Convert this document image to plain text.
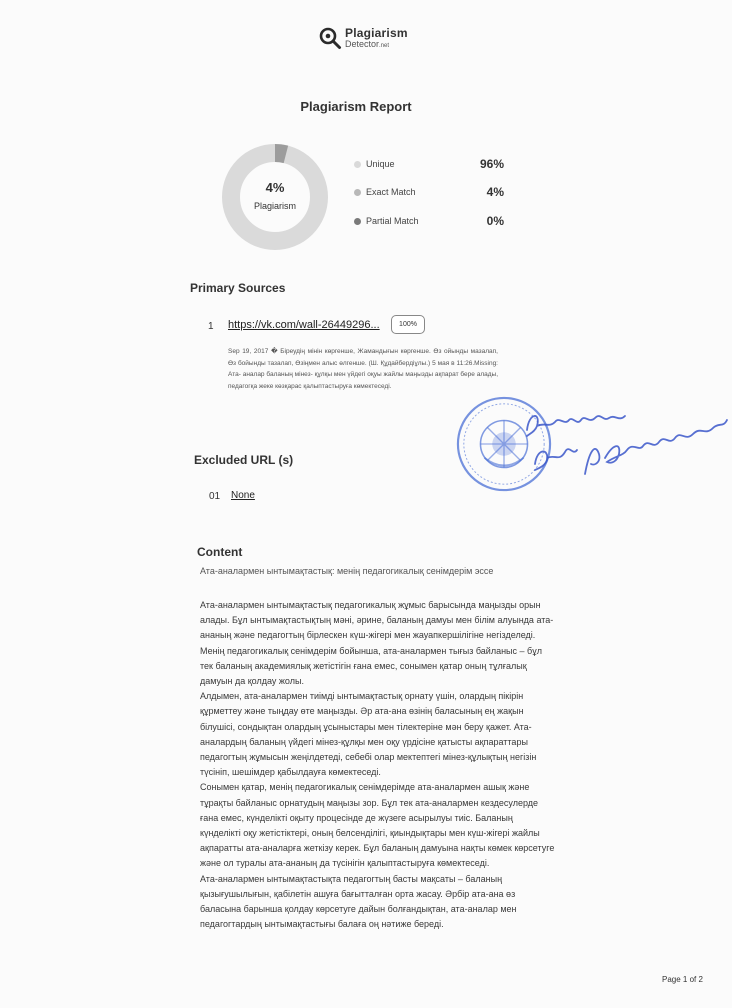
Plagiarism
Detector.net
Plagiarism Report
4%
Plagiarism
Unique	96%
Exact Match	4%
Partial Match	0%
Primary Sources
1 https://vk.com/wall-26449296...	100%
Sep 19, 2017 � Біреудің мінін көргенше, Жамандығын көргенше. Өз ойынды мазалап, Өз бойынды тазалап, Өзіңмен алыс өлгенше. (Ш. Құдайбердіұлы.) 5 мая в 11:26.Missing: Ата- аналар баланың мінез- құлқы мен үйдегі оқуы жайлы маңызды ақпарат бере алады, педагогқа жеке көзқарас қалыптастыруға көмектеседі.
Excluded URL (s)
01 None
Content
Ата-аналармен ынтымақтастық: менің педагогикалық сенімдерім эссе

Ата-аналармен ынтымақтастық педагогикалық жұмыс барысында маңызды орын алады. Бұл ынтымақтастықтың мәні, әрине, баланың дамуы мен білім алуында ата-ананың және педагогтың бірлескен күш-жігері мен жауапкершілігіне негізделеді. Менің педагогикалық сенімдерім бойынша, ата-аналармен тығыз байланыс – бұл тек баланың академиялық жетістігін ғана емес, сонымен қатар оның тұлғалық дамуын да қолдау жолы.

Алдымен, ата-аналармен тиімді ынтымақтастық орнату үшін, олардың пікірін құрметтеу және тыңдау өте маңызды. Әр ата-ана өзінің баласының ең жақын білушісі, сондықтан олардың ұсыныстары мен тілектеріне мән беру қажет. Ата-аналардың баланың үйдегі мінез-құлқы мен оқу үрдісіне қатысты ақпараттары педагогтың жұмысын жеңілдетеді, себебі олар мектептегі мінез-құлықтың негізін түсініп, шешімдер қабылдауға көмектеседі.

Сонымен қатар, менің педагогикалық сенімдерімде ата-аналармен ашық және тұрақты байланыс орнатудың маңызы зор. Бұл тек ата-аналармен кездесулерде ғана емес, күнделікті оқыту процесінде де жүзеге асырылуы тиіс. Баланың күнделікті оқу жетістіктері, оның белсенділігі, қиындықтары мен күш-жігері жайлы ақпаратты ата-аналарға жеткізу керек. Бұл баланың дамуына нақты көмек көрсетуге және ол туралы ата-ананың да түсінігін қалыптастыруға көмектеседі.

Ата-аналармен ынтымақтастықта педагогтың басты мақсаты – баланың қызығушылығын, қабілетін ашуға бағытталған орта жасау. Әрбір ата-ана өз баласына барынша қолдау көрсетуге дайын болғандықтан, ата-аналар мен педагогтардың ынтымақтастығы балаға оң нәтиже береді.

Page 1 of 2
